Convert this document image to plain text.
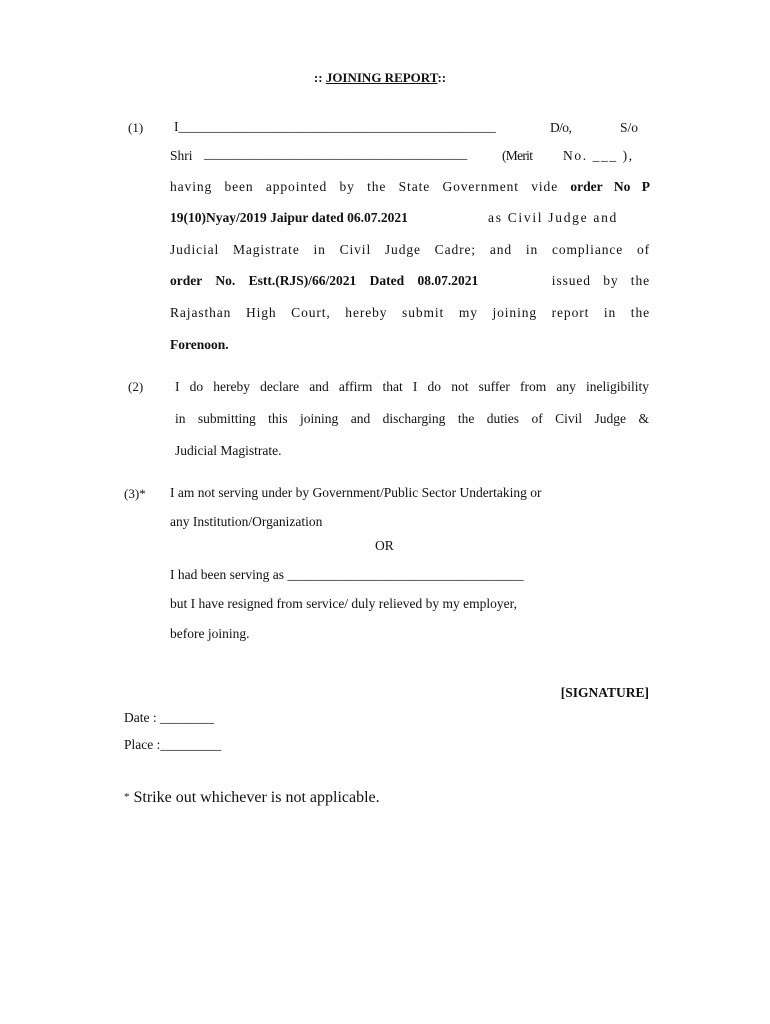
:: JOINING REPORT::
(1) I_______________________________________________	D/o,	S/o
Shri _______________________________________	(Merit No. ___ ),
having been appointed by the State Government vide order No P
19(10)Nyay/2019 Jaipur dated 06.07.2021	as Civil Judge and
Judicial Magistrate in Civil Judge Cadre; and in compliance of
order No. Estt.(RJS)/66/2021 Dated 08.07.2021	issued by the
Rajasthan High Court, hereby submit my joining report in the
Forenoon.
(2) I do hereby declare and affirm that I do not suffer from any ineligibility
in submitting this joining and discharging the duties of Civil Judge &
Judicial Magistrate.
(3)* I am not serving under by Government/Public Sector Undertaking or
any Institution/Organization
OR
I had been serving as ___________________________________
but I have resigned from service/ duly relieved by my employer,
before joining.
[SIGNATURE]
Date : ________
Place :_________
* Strike out whichever is not applicable.
